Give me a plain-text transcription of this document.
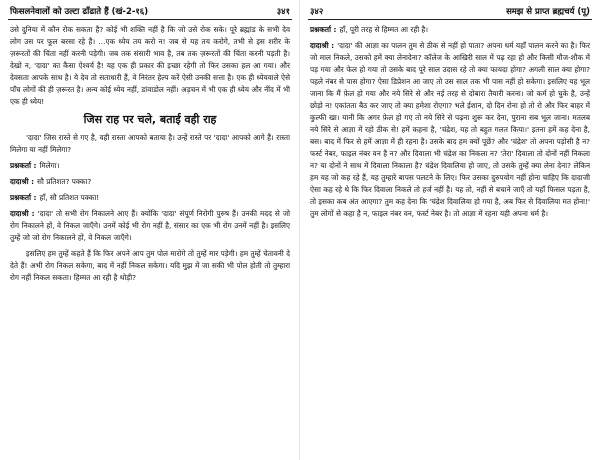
फिसलनेवालों को उल्टा ढाँढाते हैं (खं-2-१६)	३४१

उसे दुनिया में कौन रोक सकता है? कोई भी शक्ति नहीं है कि जो उसे रोक सके। पूरे ब्रह्मांड के सभी देव लोग उस पर फूल बरसा रहे हैं। ...एक ध्येय तय करो न! जब से यह तय करोगे, तभी से इस शरीर के ज़रूरतों की चिंता नहीं करनी पड़ेगी। जब तक संसारी भाव है, तब तक ज़रूरतों की चिंता करनी पड़ती है। देखो न, 'दादा' का कैसा ऐश्वर्य है! यह एक ही प्रकार की इच्छा रहेगी तो फिर उसका हल आ गया। और देवसता आपके साथ है। ये देव तो सताधारी हैं, वे निरंतर हेल्प करें ऐसी उनकी सत्ता है। एक ही ध्येयवाले ऐसे पाँच लोगों की ही ज़रूरत है। अन्य कोई ध्येय नहीं, डांवाडोल नहीं। अड़चन में भी एक ही ध्येय और नींद में भी एक ही ध्येय!

जिस राह पर चले, बताई वही राह

'दादा' जिस रास्ते से गए है, वही रास्ता आपको बताया है। उन्हें रास्ते पर 'दादा' आपको आगे हैं। रास्ता मिलेगा या नहीं मिलेगा?

प्रश्नकर्ता : मिलेगा।

दादाश्री : सौ प्रतिशत? पक्का?

प्रश्नकर्ता : हाँ, सौ प्रतिशत पक्का!

दादाश्री : 'दादा' तो सभी रोग निकालने आए हैं। क्योंकि 'दादा' संपूर्ण निरोगी पुरुष हैं। उनकी मदद से जो रोग निकालने हों, वे निकल जाएँगे। उनमें कोई भी रोग नहीं है, संसार का एक भी रोग उनमें नहीं है। इसलिए तुम्हें जो जो रोग निकालने हों, वे निकल जाएँगे।

इसलिए हम तुम्हें कहते हैं कि फिर अपने आप तुम पोल मारोगे तो तुम्हें मार पड़ेगी। हम तुम्हें चेतावनी दे देते हैं! अभी रोग निकल सकेगा, बाद में नहीं निकल सकेगा। यदि मुझ में जा सकी भी पोल होती तो तुम्हारा रोग नहीं निकल सकता। हिम्मत आ रही है थोड़ी?

३४२	समझ से प्राप्त ब्रह्मचर्य (पू)

प्रश्नकर्ता : हाँ, पूरी तरह से हिम्मत आ रही है।

दादाश्री : 'दादा' की आज्ञा का पालन तुम से ठीक से नहीं हो पाता? अपना धर्म यहाँ पालन करने का है। फिर जो माल निकले, उसको हमें क्या लेनादेना? कॉलेज के आखिरी साल में पढ़ रहा हो और किसी मौज-शौक में पड़ गया और फेल हो गया तो उसके बाद पूरे साल उदास रहे तो क्या फायदा होगा? अगली साल क्या होगा? पहले नंबर से पास होगा? ऐसा डिप्रेशन आ जाए तो उस साल तक भी पास नहीं हो सकेगा। इसलिए यह भूल जाना कि मैं फ़ेल हो गया और नये सिरे से और नई तरह से दोबारा तैयारी करना। जो कर्म हो चुके है, उन्हें छोड़ो न! एकांतता बैठ कर जाए तो क्या हमेशा रोएगा? भले ईशान, दो दिन रोना हो तो रो और फिर बाहर में कुल्फी खा। यानी कि अगर फ़ेल हो गए तो नये सिरे से पढ़ना शुरू कर देना, पुराना सब भूल जाना। मतलब नये सिरे से आज्ञा में रहो ठीक से! हमें कहना है, 'चंद्रेश, यह तो बहुत गलत किया।' इतना हमें कह देना है, बस। बाद में फिर से हमें आज्ञा में ही रहना है। उसके बाद हम क्यों पूछें? और 'चंद्रेश' तो अपना पड़ोसी है न? फर्स्ट नेबर, फाइल नंबर वन है न? और दिवाला भी चंद्रेश का निकला न? 'तेरा' दिवाला तो दोनों नहीं निकला न? या दोनों ने साथ में दिवाला निकाला है? चंद्रेश दिवालिया हो जाए, तो उसके तुम्हें क्या लेना देना? लेकिन हम यह जो कह रहे हैं, यह तुम्हारे बापस पलटने के लिए। फिर उसका दुरुपयोग नहीं होना चाहिए कि दादाजी ऐसा कह रहे थे कि फिर दिवाला निकले तो हर्ज नहीं है। यह तो, नहीं से बचाने जाएँ तो यहाँ फिसल पड़ता है, तो इसका कब अंत आएगा? तुम कह देना कि 'चंद्रेश दिवालिया हो गया है, अब फिर से दिवालिया मत होना!' तुम लोगों से कहा है न, फाइल नंबर वन, फर्स्ट नेबर है। तो आज्ञा में रहना यही अपना धर्म है।
